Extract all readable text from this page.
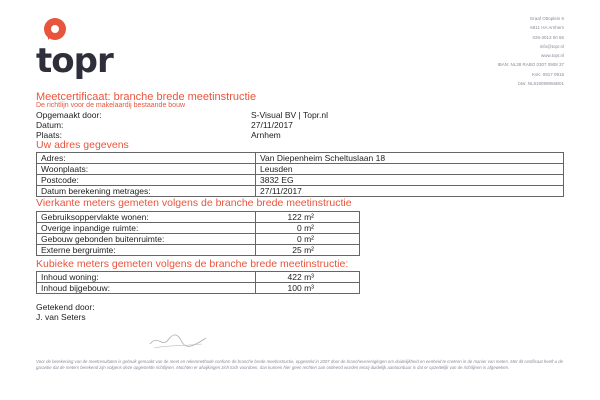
topr
Graaf Ottoplein 6
6811 HA Arnhem
026-3013 00 66
info@topr.nl
www.topr.nl
IBAN: NL38 RABO 0307 0908 37
KvK: 0917 0918
btw: NL818099856B01
Meetcertificaat: branche brede meetinstructie
De richtlijn voor de makelaardij bestaande bouw
Opgemaakt door:	S-Visual BV | Topr.nl
Datum:	27/11/2017
Plaats:	Arnhem
Uw adres gegevens
Adres:	Van Diepenheim Scheltuslaan 18
Woonplaats:	Leusden
Postcode:	3832 EG
Datum berekening metrages:	27/11/2017
Vierkante meters gemeten volgens de branche brede meetinstructie
Gebruiksoppervlakte wonen:	122 m²
Overige inpandige ruimte:	0 m²
Gebouw gebonden buitenruimte:	0 m²
Externe bergruimte:	25 m²
Kubieke meters gemeten volgens de branche brede meetinstructie:
Inhoud woning:	422 m³
Inhoud bijgebouw:	100 m³
Getekend door:
J. van Seters
Voor de berekening van de meetresultaten is gebruik gemaakt van de meet en rekenmethode conform de branche brede meetinstructie, opgesteld in 2007 door de brancheverenigingen om duidelijkheid en eenheid te creëren in de manier van meten. Met dit certificaat heeft u de garantie dat de meters berekend zijn volgens deze opgestelde richtlijnen. Mochten er afwijkingen zich toch voordoen, dan kunnen hier geen rechten aan ontleend worden tenzij duidelijk aantoonbaar is dat er opzettelijk van de richtlijnen is afgeweken.
